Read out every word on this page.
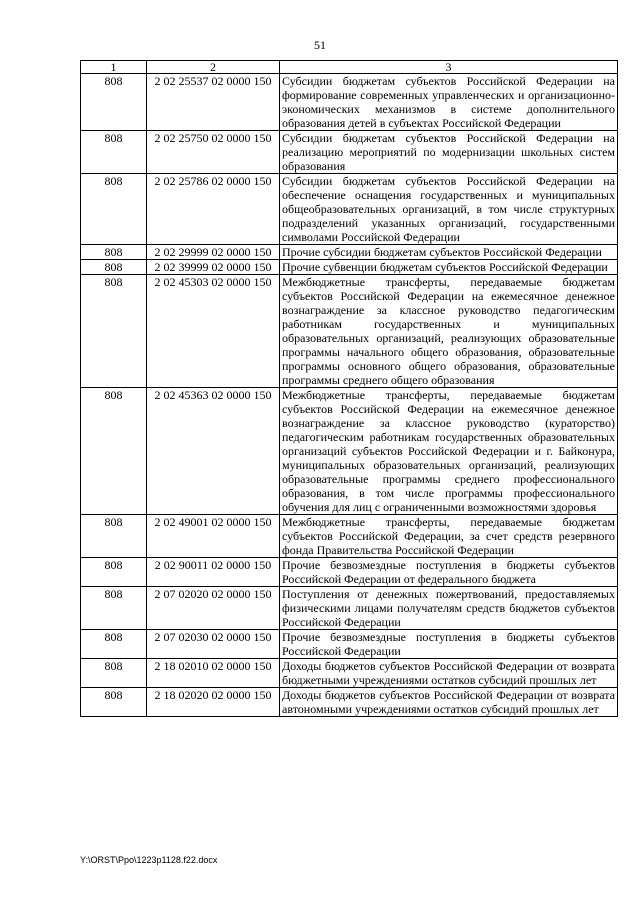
51
1	2	3
808	2 02 25537 02 0000 150	Субсидии бюджетам субъектов Российской Федерации на формирование современных управленческих и организационно-экономических механизмов в системе дополнительного образования детей в субъектах Российской Федерации
808	2 02 25750 02 0000 150	Субсидии бюджетам субъектов Российской Федерации на реализацию мероприятий по модернизации школьных систем образования
808	2 02 25786 02 0000 150	Субсидии бюджетам субъектов Российской Федерации на обеспечение оснащения государственных и муниципальных общеобразовательных организаций, в том числе структурных подразделений указанных организаций, государственными символами Российской Федерации
808	2 02 29999 02 0000 150	Прочие субсидии бюджетам субъектов Российской Федерации
808	2 02 39999 02 0000 150	Прочие субвенции бюджетам субъектов Российской Федерации
808	2 02 45303 02 0000 150	Межбюджетные трансферты, передаваемые бюджетам субъектов Российской Федерации на ежемесячное денежное вознаграждение за классное руководство педагогическим работникам государственных и муниципальных образовательных организаций, реализующих образовательные программы начального общего образования, образовательные программы основного общего образования, образовательные программы среднего общего образования
808	2 02 45363 02 0000 150	Межбюджетные трансферты, передаваемые бюджетам субъектов Российской Федерации на ежемесячное денежное вознаграждение за классное руководство (кураторство) педагогическим работникам государственных образовательных организаций субъектов Российской Федерации и г. Байконура, муниципальных образовательных организаций, реализующих образовательные программы среднего профессионального образования, в том числе программы профессионального обучения для лиц с ограниченными возможностями здоровья
808	2 02 49001 02 0000 150	Межбюджетные трансферты, передаваемые бюджетам субъектов Российской Федерации, за счет средств резервного фонда Правительства Российской Федерации
808	2 02 90011 02 0000 150	Прочие безвозмездные поступления в бюджеты субъектов Российской Федерации от федерального бюджета
808	2 07 02020 02 0000 150	Поступления от денежных пожертвований, предоставляемых физическими лицами получателям средств бюджетов субъектов Российской Федерации
808	2 07 02030 02 0000 150	Прочие безвозмездные поступления в бюджеты субъектов Российской Федерации
808	2 18 02010 02 0000 150	Доходы бюджетов субъектов Российской Федерации от возврата бюджетными учреждениями остатков субсидий прошлых лет
808	2 18 02020 02 0000 150	Доходы бюджетов субъектов Российской Федерации от возврата автономными учреждениями остатков субсидий прошлых лет
Y:\ORST\Ppo\1223p1128.f22.docx
